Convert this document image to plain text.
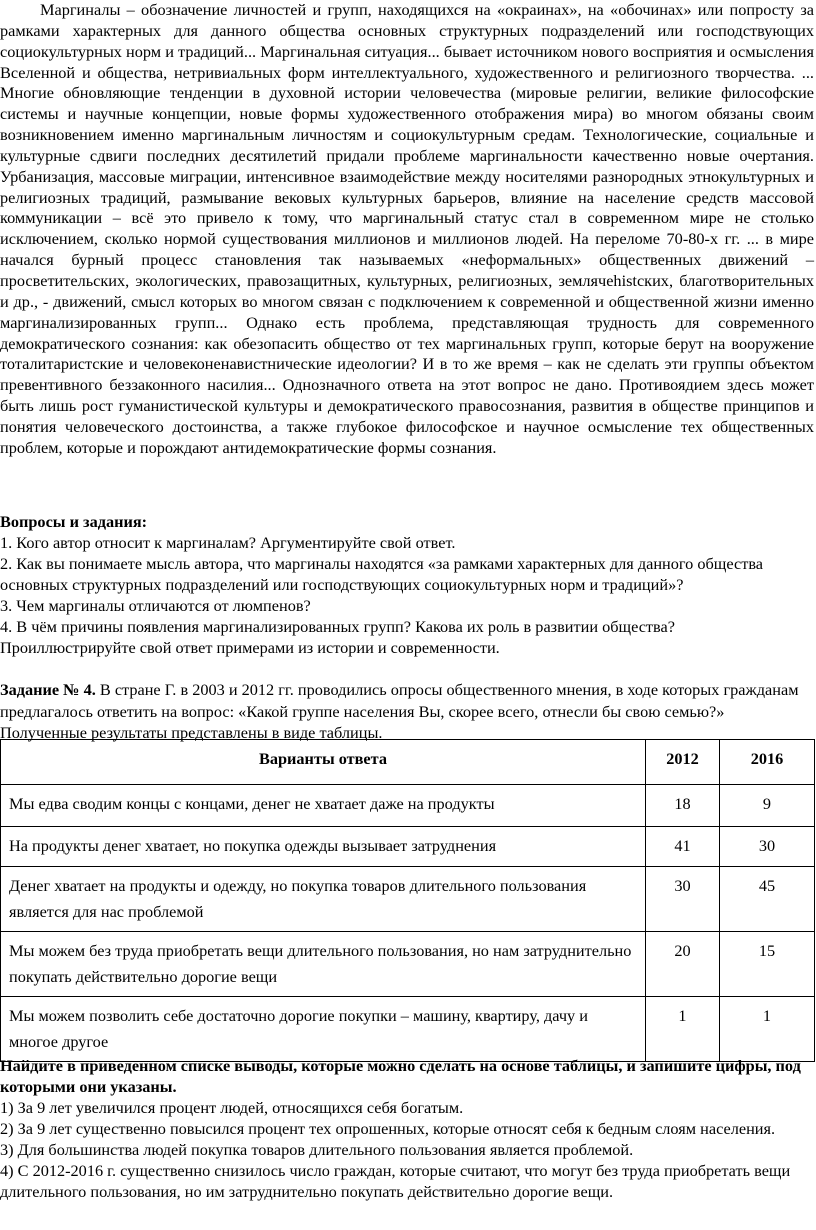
Маргиналы – обозначение личностей и групп, находящихся на «окраинах», на «обочинах» или попросту за рамками характерных для данного общества основных структурных подразделений или господствующих социокультурных норм и традиций... Маргинальная ситуация... бывает источником нового восприятия и осмысления Вселенной и общества, нетривиальных форм интеллектуального, художественного и религиозного творчества. ... Многие обновляющие тенденции в духовной истории человечества (мировые религии, великие философские системы и научные концепции, новые формы художественного отображения мира) во многом обязаны своим возникновением именно маргинальным личностям и социокультурным средам. Технологические, социальные и культурные сдвиги последних десятилетий придали проблеме маргинальности качественно новые очертания. Урбанизация, массовые миграции, интенсивное взаимодействие между носителями разнородных этнокультурных и религиозных традиций, размывание вековых культурных барьеров, влияние на население средств массовой коммуникации – всё это привело к тому, что маргинальный статус стал в современном мире не столько исключением, сколько нормой существования миллионов и миллионов людей. На переломе 70-80-х гг. ... в мире начался бурный процесс становления так называемых «неформальных» общественных движений – просветительских, экологических, правозащитных, культурных, религиозных, землячеhistских, благотворительных и др., - движений, смысл которых во многом связан с подключением к современной и общественной жизни именно маргинализированных групп... Однако есть проблема, представляющая трудность для современного демократического сознания: как обезопасить общество от тех маргинальных групп, которые берут на вооружение тоталитаристские и человеконенавистнические идеологии? И в то же время – как не сделать эти группы объектом превентивного беззаконного насилия... Однозначного ответа на этот вопрос не дано. Противоядием здесь может быть лишь рост гуманистической культуры и демократического правосознания, развития в обществе принципов и понятия человеческого достоинства, а также глубокое философское и научное осмысление тех общественных проблем, которые и порождают антидемократические формы сознания.

Вопросы и задания:
1. Кого автор относит к маргиналам? Аргументируйте свой ответ.
2. Как вы понимаете мысль автора, что маргиналы находятся «за рамками характерных для данного общества основных структурных подразделений или господствующих социокультурных норм и традиций»?
3. Чем маргиналы отличаются от люмпенов?
4. В чём причины появления маргинализированных групп? Какова их роль в развитии общества? Проиллюстрируйте свой ответ примерами из истории и современности.
Задание № 4. В стране Г. в 2003 и 2012 гг. проводились опросы общественного мнения, в ходе которых гражданам предлагалось ответить на вопрос: «Какой группе населения Вы, скорее всего, отнесли бы свою семью?» Полученные результаты представлены в виде таблицы.
Варианты ответа	2012	2016
Мы едва сводим концы с концами, денег не хватает даже на продукты	18	9
На продукты денег хватает, но покупка одежды вызывает затруднения	41	30
Денег хватает на продукты и одежду, но покупка товаров длительного пользования является для нас проблемой	30	45
Мы можем без труда приобретать вещи длительного пользования, но нам затруднительно покупать действительно дорогие вещи	20	15
Мы можем позволить себе достаточно дорогие покупки – машину, квартиру, дачу и многое другое	1	1
Найдите в приведенном списке выводы, которые можно сделать на основе таблицы, и запишите цифры, под которыми они указаны.
1) За 9 лет увеличился процент людей, относящихся себя богатым.
2) За 9 лет существенно повысился процент тех опрошенных, которые относят себя к бедным слоям населения.
3) Для большинства людей покупка товаров длительного пользования является проблемой.
4) С 2012-2016 г. существенно снизилось число граждан, которые считают, что могут без труда приобретать вещи длительного пользования, но им затруднительно покупать действительно дорогие вещи.
